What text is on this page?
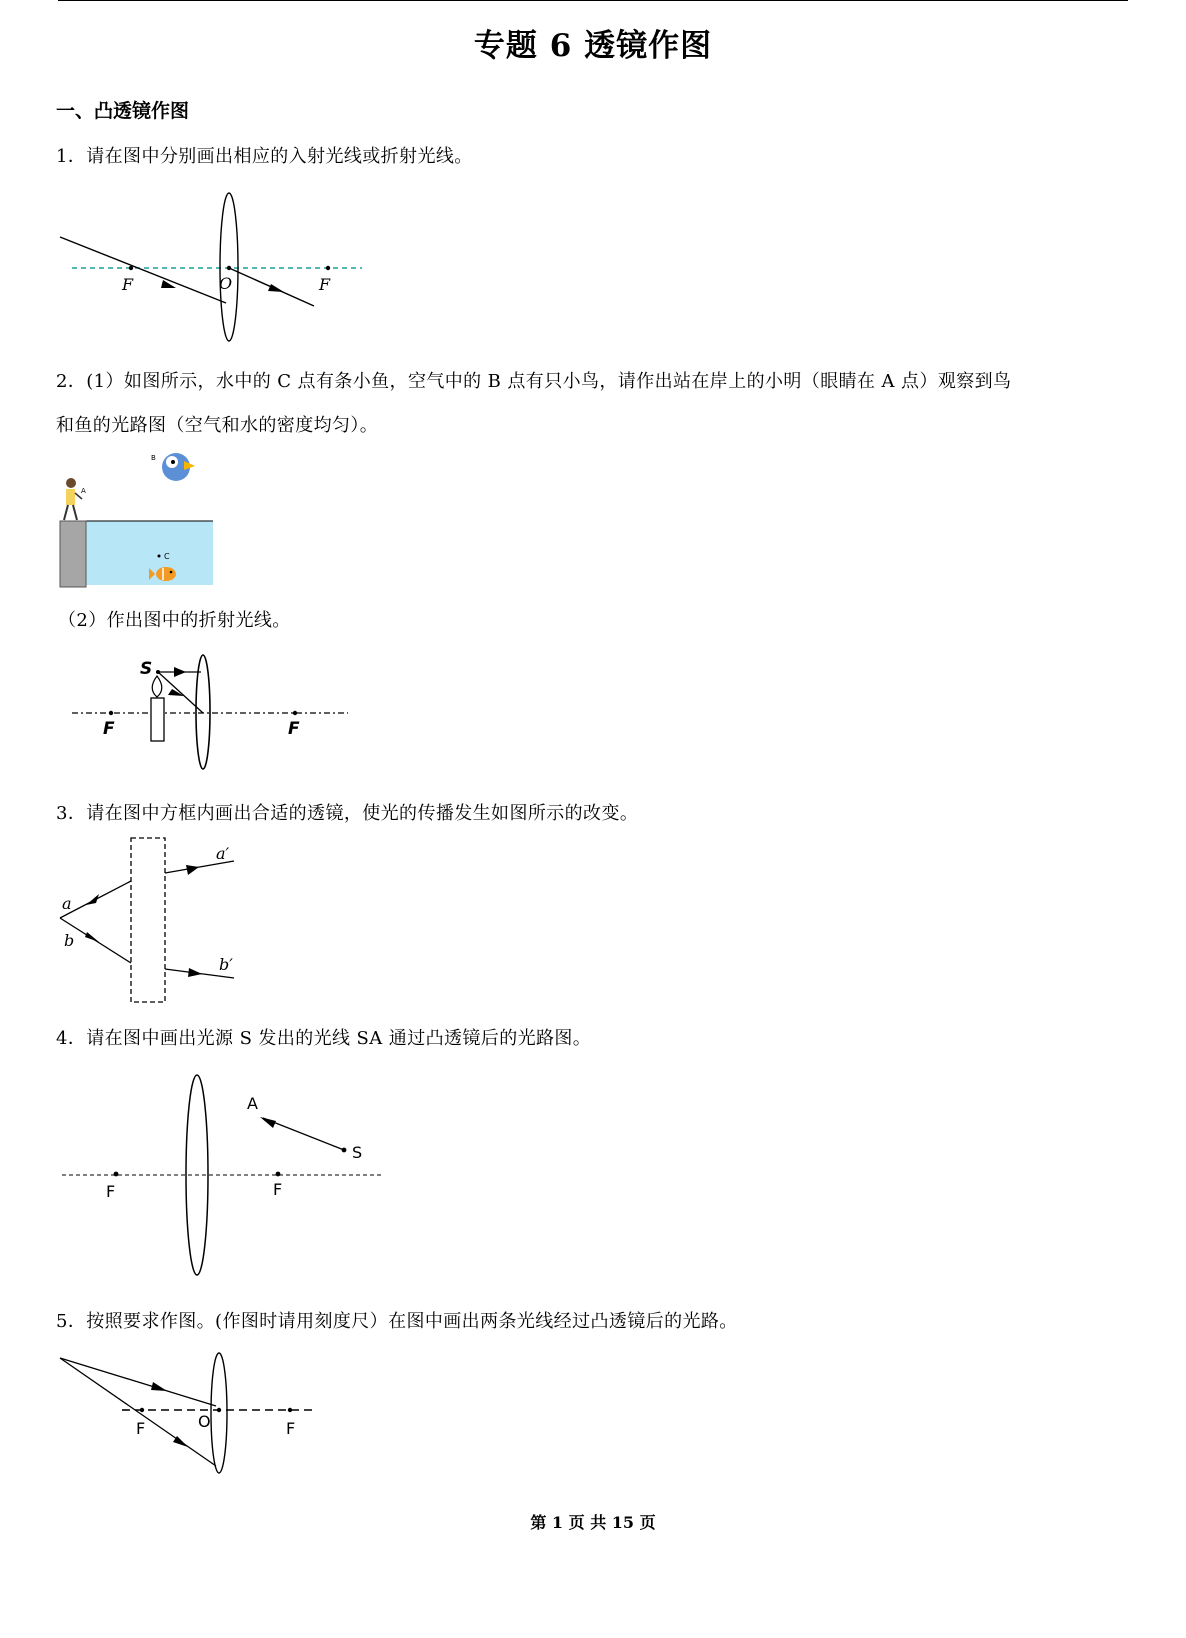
专题 6 透镜作图
一、凸透镜作图
1．请在图中分别画出相应的入射光线或折射光线。
F	O	F
2．(1）如图所示，水中的 C 点有条小鱼，空气中的 B 点有只小鸟，请作出站在岸上的小明（眼睛在 A 点）观察到鸟
和鱼的光路图（空气和水的密度均匀）。
A
B
C
（2）作出图中的折射光线。
S
F	F
3．请在图中方框内画出合适的透镜，使光的传播发生如图所示的改变。
a
b
a′
b′
4．请在图中画出光源 S 发出的光线 SA 通过凸透镜后的光路图。
A
S
F	F
5．按照要求作图。(作图时请用刻度尺）在图中画出两条光线经过凸透镜后的光路。
F	O	F
第 1 页 共 15 页
